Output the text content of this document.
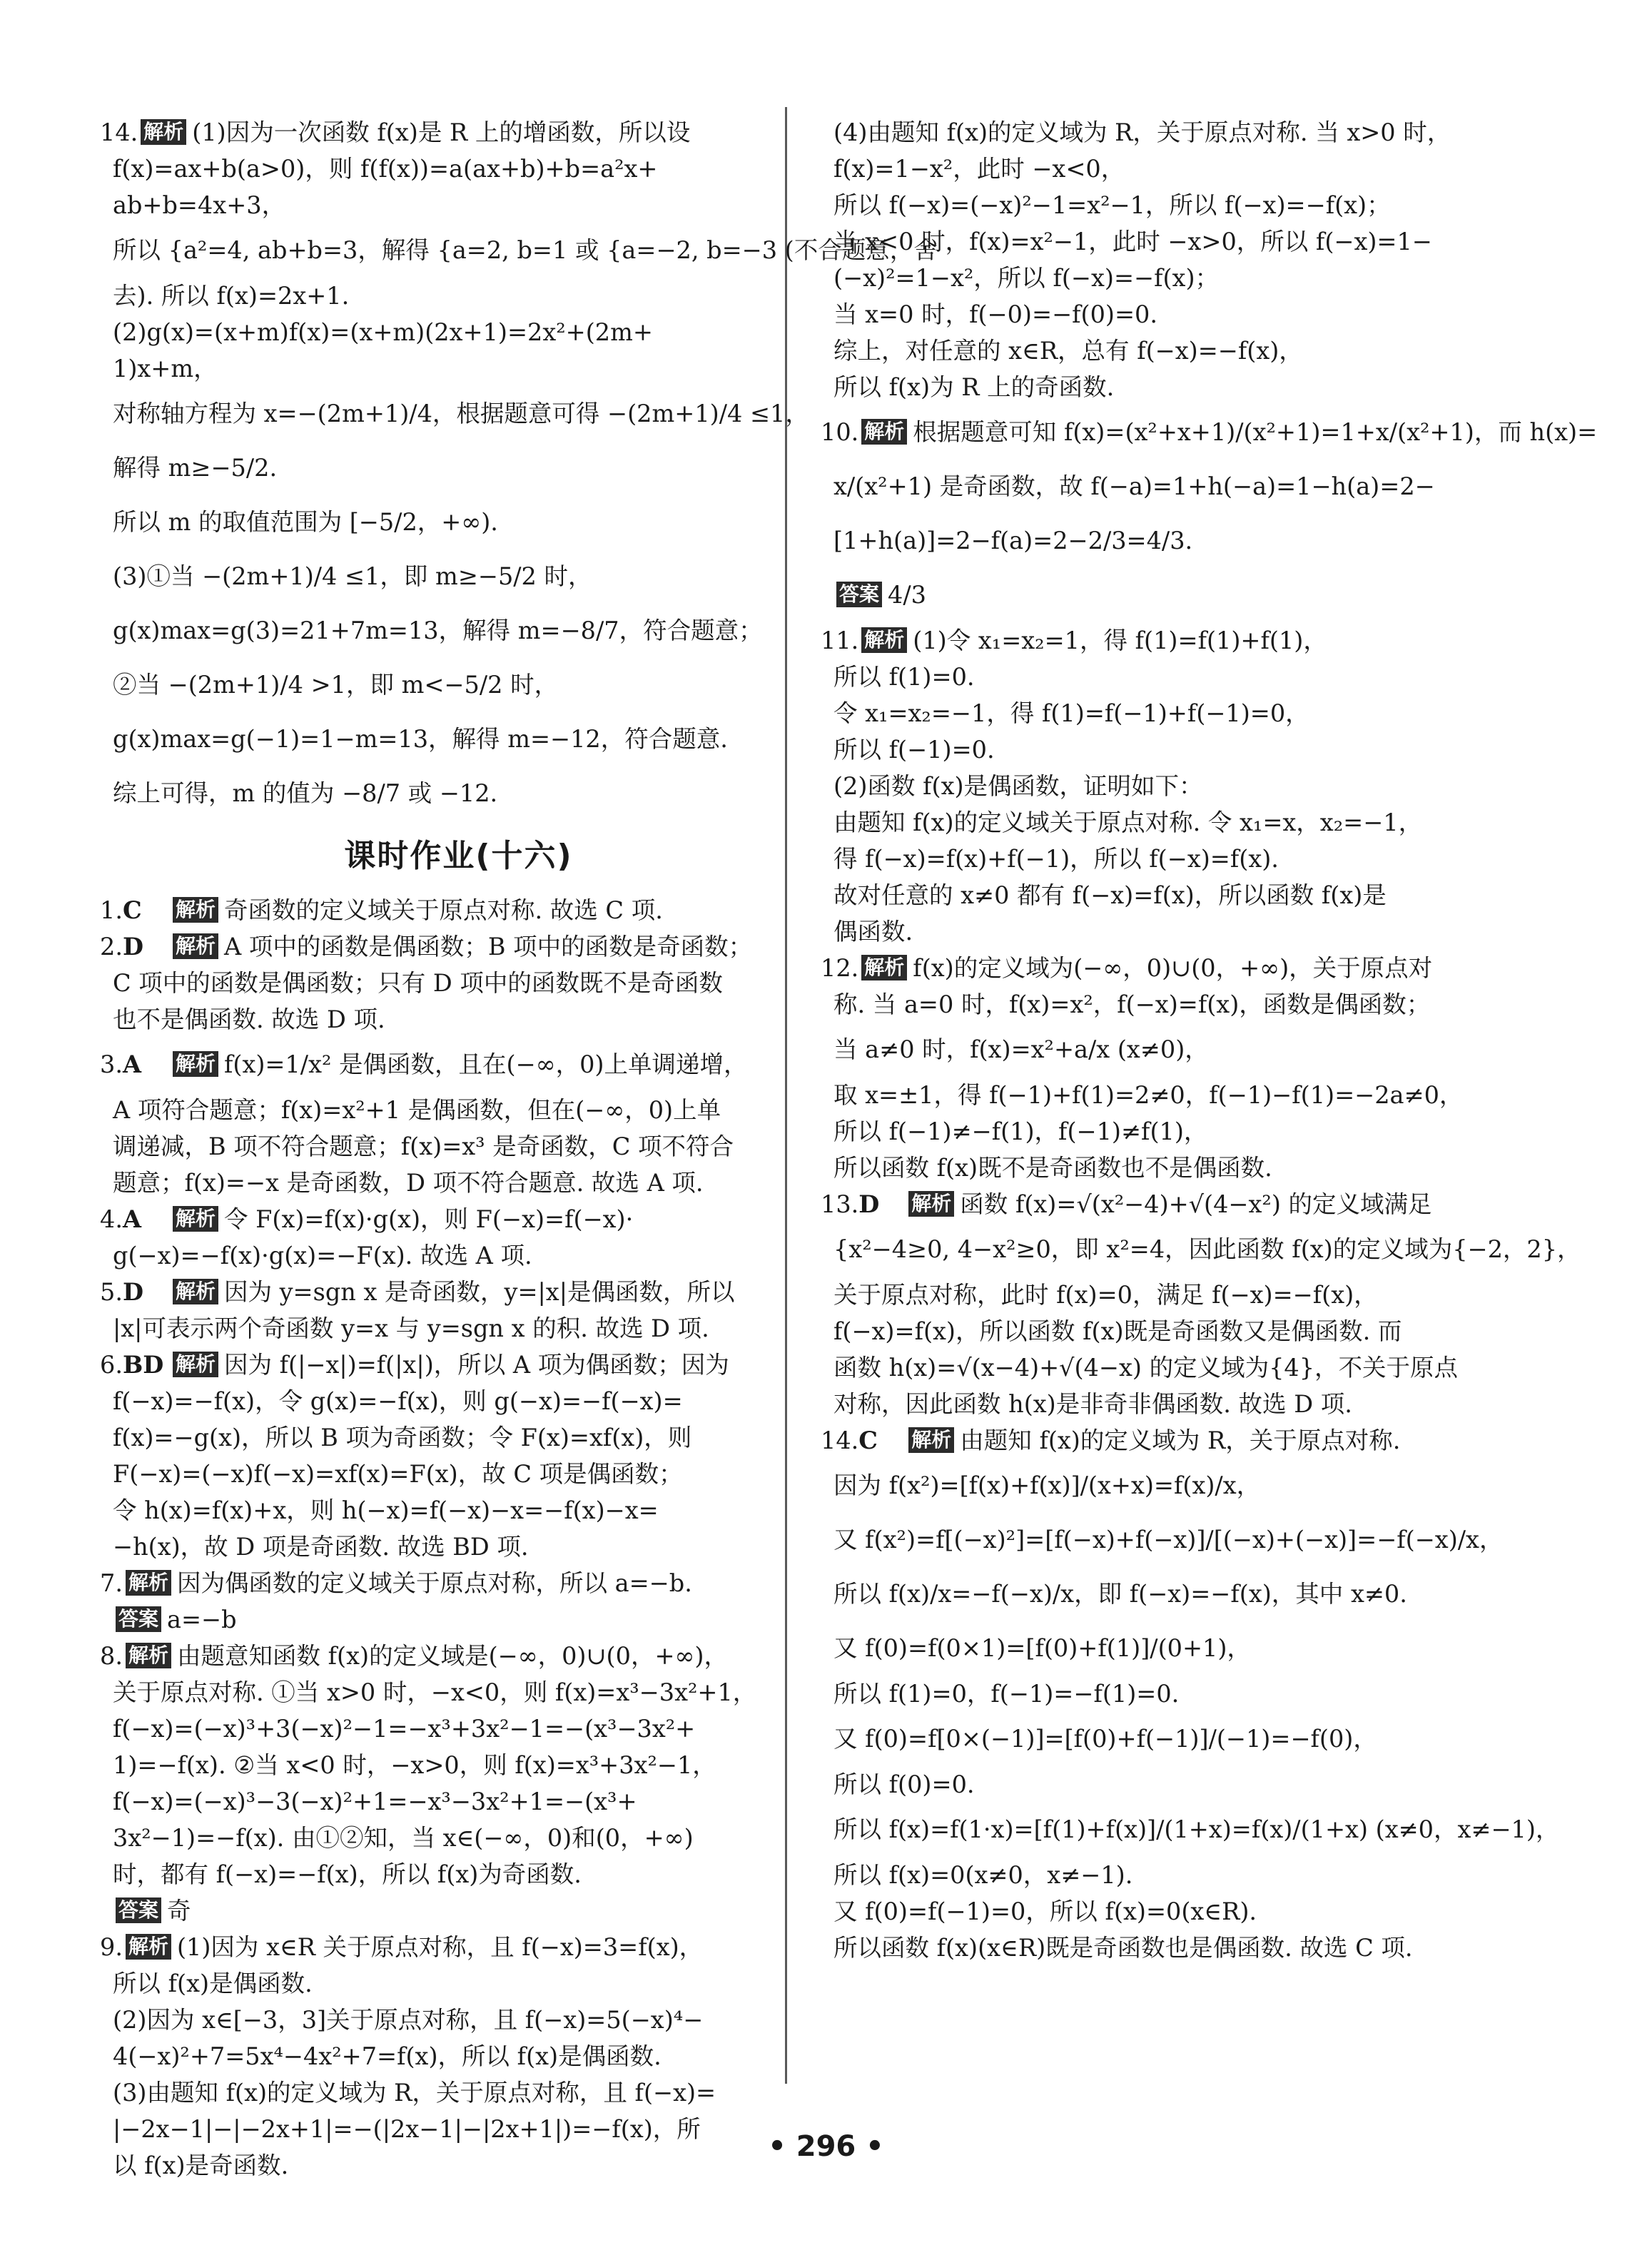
14. 解析 (1)因为一次函数 f(x)是 R 上的增函数，所以设
f(x)=ax+b(a>0)，则 f(f(x))=a(ax+b)+b=a²x+
ab+b=4x+3，
所以 {a²=4, ab+b=3，解得 {a=2, b=1 或 {a=−2, b=−3 (不合题意，舍
去). 所以 f(x)=2x+1.
(2)g(x)=(x+m)f(x)=(x+m)(2x+1)=2x²+(2m+
1)x+m，
对称轴方程为 x=−(2m+1)/4，根据题意可得 −(2m+1)/4 ≤1，
解得 m≥−5/2.
所以 m 的取值范围为 [−5/2，+∞).
(3)①当 −(2m+1)/4 ≤1，即 m≥−5/2 时，
g(x)max=g(3)=21+7m=13，解得 m=−8/7，符合题意；
②当 −(2m+1)/4 >1，即 m<−5/2 时，
g(x)max=g(−1)=1−m=13，解得 m=−12，符合题意.
综上可得，m 的值为 −8/7 或 −12.
课时作业(十六)
1.C 解析 奇函数的定义域关于原点对称. 故选 C 项.
2.D 解析 A 项中的函数是偶函数；B 项中的函数是奇函数；
C 项中的函数是偶函数；只有 D 项中的函数既不是奇函数
也不是偶函数. 故选 D 项.
3.A 解析 f(x)=1/x² 是偶函数，且在(−∞，0)上单调递增，
A 项符合题意；f(x)=x²+1 是偶函数，但在(−∞，0)上单
调递减，B 项不符合题意；f(x)=x³ 是奇函数，C 项不符合
题意；f(x)=−x 是奇函数，D 项不符合题意. 故选 A 项.
4.A 解析 令 F(x)=f(x)·g(x)，则 F(−x)=f(−x)·
g(−x)=−f(x)·g(x)=−F(x). 故选 A 项.
5.D 解析 因为 y=sgn x 是奇函数，y=|x|是偶函数，所以
|x|可表示两个奇函数 y=x 与 y=sgn x 的积. 故选 D 项.
6.BD 解析 因为 f(|−x|)=f(|x|)，所以 A 项为偶函数；因为
f(−x)=−f(x)，令 g(x)=−f(x)，则 g(−x)=−f(−x)=
f(x)=−g(x)，所以 B 项为奇函数；令 F(x)=xf(x)，则
F(−x)=(−x)f(−x)=xf(x)=F(x)，故 C 项是偶函数；
令 h(x)=f(x)+x，则 h(−x)=f(−x)−x=−f(x)−x=
−h(x)，故 D 项是奇函数. 故选 BD 项.
7. 解析 因为偶函数的定义域关于原点对称，所以 a=−b.
答案 a=−b
8. 解析 由题意知函数 f(x)的定义域是(−∞，0)∪(0，+∞)，
关于原点对称. ①当 x>0 时，−x<0，则 f(x)=x³−3x²+1，
f(−x)=(−x)³+3(−x)²−1=−x³+3x²−1=−(x³−3x²+
1)=−f(x). ②当 x<0 时，−x>0，则 f(x)=x³+3x²−1，
f(−x)=(−x)³−3(−x)²+1=−x³−3x²+1=−(x³+
3x²−1)=−f(x). 由①②知，当 x∈(−∞，0)和(0，+∞)
时，都有 f(−x)=−f(x)，所以 f(x)为奇函数.
答案 奇
9. 解析 (1)因为 x∈R 关于原点对称，且 f(−x)=3=f(x)，
所以 f(x)是偶函数.
(2)因为 x∈[−3，3]关于原点对称，且 f(−x)=5(−x)⁴−
4(−x)²+7=5x⁴−4x²+7=f(x)，所以 f(x)是偶函数.
(3)由题知 f(x)的定义域为 R，关于原点对称，且 f(−x)=
|−2x−1|−|−2x+1|=−(|2x−1|−|2x+1|)=−f(x)，所
以 f(x)是奇函数.
(4)由题知 f(x)的定义域为 R，关于原点对称. 当 x>0 时，
f(x)=1−x²，此时 −x<0，
所以 f(−x)=(−x)²−1=x²−1，所以 f(−x)=−f(x)；
当 x<0 时，f(x)=x²−1，此时 −x>0，所以 f(−x)=1−
(−x)²=1−x²，所以 f(−x)=−f(x)；
当 x=0 时，f(−0)=−f(0)=0.
综上，对任意的 x∈R，总有 f(−x)=−f(x)，
所以 f(x)为 R 上的奇函数.
10. 解析 根据题意可知 f(x)=(x²+x+1)/(x²+1)=1+x/(x²+1)，而 h(x)=
x/(x²+1) 是奇函数，故 f(−a)=1+h(−a)=1−h(a)=2−
[1+h(a)]=2−f(a)=2−2/3=4/3.
答案 4/3
11. 解析 (1)令 x₁=x₂=1，得 f(1)=f(1)+f(1)，
所以 f(1)=0.
令 x₁=x₂=−1，得 f(1)=f(−1)+f(−1)=0，
所以 f(−1)=0.
(2)函数 f(x)是偶函数，证明如下：
由题知 f(x)的定义域关于原点对称. 令 x₁=x，x₂=−1，
得 f(−x)=f(x)+f(−1)，所以 f(−x)=f(x).
故对任意的 x≠0 都有 f(−x)=f(x)，所以函数 f(x)是
偶函数.
12. 解析 f(x)的定义域为(−∞，0)∪(0，+∞)，关于原点对
称. 当 a=0 时，f(x)=x²，f(−x)=f(x)，函数是偶函数；
当 a≠0 时，f(x)=x²+a/x (x≠0)，
取 x=±1，得 f(−1)+f(1)=2≠0，f(−1)−f(1)=−2a≠0，
所以 f(−1)≠−f(1)，f(−1)≠f(1)，
所以函数 f(x)既不是奇函数也不是偶函数.
13.D 解析 函数 f(x)=√(x²−4)+√(4−x²) 的定义域满足
{x²−4≥0, 4−x²≥0，即 x²=4，因此函数 f(x)的定义域为{−2，2}，
关于原点对称，此时 f(x)=0，满足 f(−x)=−f(x)，
f(−x)=f(x)，所以函数 f(x)既是奇函数又是偶函数. 而
函数 h(x)=√(x−4)+√(4−x) 的定义域为{4}，不关于原点
对称，因此函数 h(x)是非奇非偶函数. 故选 D 项.
14.C 解析 由题知 f(x)的定义域为 R，关于原点对称.
因为 f(x²)=[f(x)+f(x)]/(x+x)=f(x)/x，
又 f(x²)=f[(−x)²]=[f(−x)+f(−x)]/[(−x)+(−x)]=−f(−x)/x，
所以 f(x)/x=−f(−x)/x，即 f(−x)=−f(x)，其中 x≠0.
又 f(0)=f(0×1)=[f(0)+f(1)]/(0+1)，
所以 f(1)=0，f(−1)=−f(1)=0.
又 f(0)=f[0×(−1)]=[f(0)+f(−1)]/(−1)=−f(0)，
所以 f(0)=0.
所以 f(x)=f(1·x)=[f(1)+f(x)]/(1+x)=f(x)/(1+x) (x≠0，x≠−1)，
所以 f(x)=0(x≠0，x≠−1).
又 f(0)=f(−1)=0，所以 f(x)=0(x∈R).
所以函数 f(x)(x∈R)既是奇函数也是偶函数. 故选 C 项.
• 296 •
